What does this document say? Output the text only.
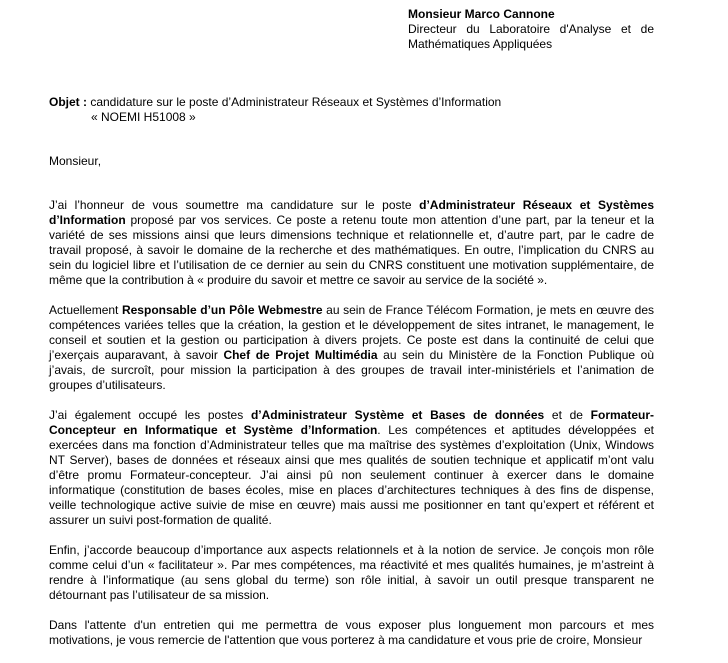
Monsieur Marco Cannone

Directeur du Laboratoire d'Analyse et de Mathématiques Appliquées

Objet : candidature sur le poste d’Administrateur Réseaux et Systèmes d’Information
« NOEMI H51008 »
Monsieur,

J’ai l’honneur de vous soumettre ma candidature sur le poste d’Administrateur Réseaux et Systèmes d’Information proposé par vos services. Ce poste a retenu toute mon attention d’une part, par la teneur et la variété de ses missions ainsi que leurs dimensions technique et relationnelle et, d’autre part, par le cadre de travail proposé, à savoir le domaine de la recherche et des mathématiques. En outre, l’implication du CNRS au sein du logiciel libre et l’utilisation de ce dernier au sein du CNRS constituent une motivation supplémentaire, de même que la contribution à « produire du savoir et mettre ce savoir au service de la société ».

Actuellement Responsable d’un Pôle Webmestre au sein de France Télécom Formation, je mets en œuvre des compétences variées telles que la création, la gestion et le développement de sites intranet, le management, le conseil et soutien et la gestion ou participation à divers projets. Ce poste est dans la continuité de celui que j’exerçais auparavant, à savoir Chef de Projet Multimédia au sein du Ministère de la Fonction Publique où j’avais, de surcroît, pour mission la participation à des groupes de travail inter-ministériels et l’animation de groupes d’utilisateurs.

J’ai également occupé les postes d’Administrateur Système et Bases de données et de Formateur-Concepteur en Informatique et Système d’Information. Les compétences et aptitudes développées et exercées dans ma fonction d’Administrateur telles que ma maîtrise des systèmes d’exploitation (Unix, Windows NT Server), bases de données et réseaux ainsi que mes qualités de soutien technique et applicatif m’ont valu d’être promu Formateur-concepteur. J’ai ainsi pû non seulement continuer à exercer dans le domaine informatique (constitution de bases écoles, mise en places d’architectures techniques à des fins de dispense, veille technologique active suivie de mise en œuvre) mais aussi me positionner en tant qu’expert et référent et assurer un suivi post-formation de qualité.

Enfin, j’accorde beaucoup d’importance aux aspects relationnels et à la notion de service. Je conçois mon rôle comme celui d’un « facilitateur ». Par mes compétences, ma réactivité et mes qualités humaines, je m’astreint à rendre à l’informatique (au sens global du terme) son rôle initial, à savoir un outil presque transparent ne détournant pas l’utilisateur de sa mission.

Dans l'attente d'un entretien qui me permettra de vous exposer plus longuement mon parcours et mes motivations, je vous remercie de l'attention que vous porterez à ma candidature et vous prie de croire, Monsieur
